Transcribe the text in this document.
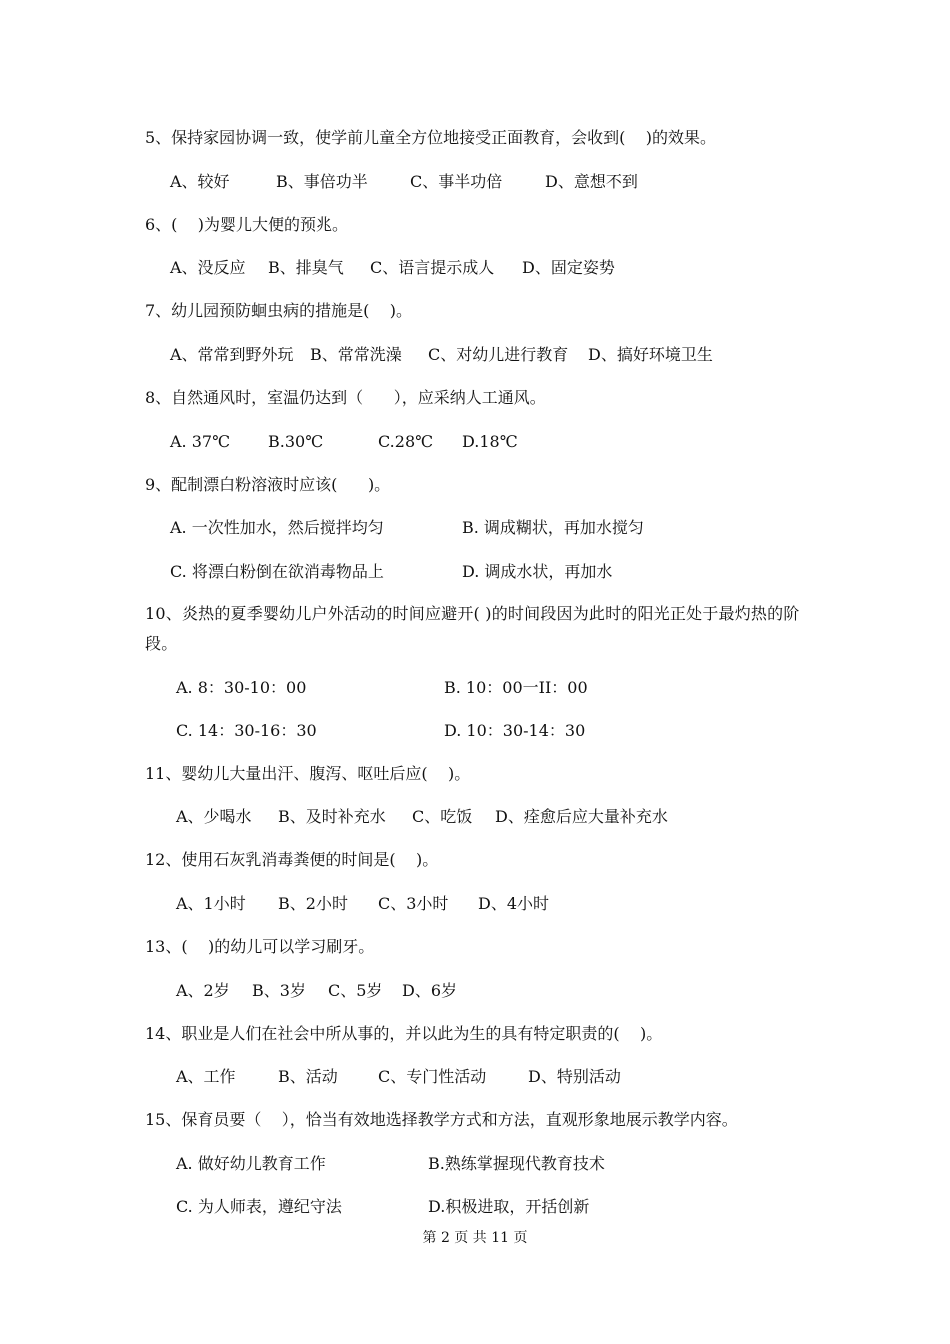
5、保持家园协调一致，使学前儿童全方位地接受正面教育，会收到(    )的效果。
A、较好	B、事倍功半	C、事半功倍	D、意想不到
6、(    )为婴儿大便的预兆。
A、没反应 B、排臭气 C、语言提示成人 D、固定姿势
7、幼儿园预防蛔虫病的措施是(    )。
A、常常到野外玩 B、常常洗澡 C、对幼儿进行教育 D、搞好环境卫生
8、自然通风时，室温仍达到（      ），应采纳人工通风。
A. 37℃ B.30℃	C.28℃ D.18℃
9、配制漂白粉溶液时应该(      )。
A. 一次性加水，然后搅拌均匀	B. 调成糊状，再加水搅匀
C. 将漂白粉倒在欲消毒物品上	D. 调成水状，再加水
10、炎热的夏季婴幼儿户外活动的时间应避开( )的时间段因为此时的阳光正处于最灼热的阶段。
A. 8：30-10：00	B. 10：00一II：00
C. 14：30-16：30	D. 10：30-14：30
11、婴幼儿大量出汗、腹泻、呕吐后应(    )。
A、少喝水 B、及时补充水 C、吃饭 D、痊愈后应大量补充水
12、使用石灰乳消毒粪便的时间是(    )。
A、1小时 B、2小时 C、3小时 D、4小时
13、(    )的幼儿可以学习刷牙。
A、2岁 B、3岁 C、5岁 D、6岁
14、职业是人们在社会中所从事的，并以此为生的具有特定职责的(    )。
A、工作	B、活动	C、专门性活动	D、特别活动
15、保育员要（    ），恰当有效地选择教学方式和方法，直观形象地展示教学内容。
A. 做好幼儿教育工作	B.熟练掌握现代教育技术
C. 为人师表，遵纪守法	D.积极进取，开括创新
第 2 页 共 11 页
